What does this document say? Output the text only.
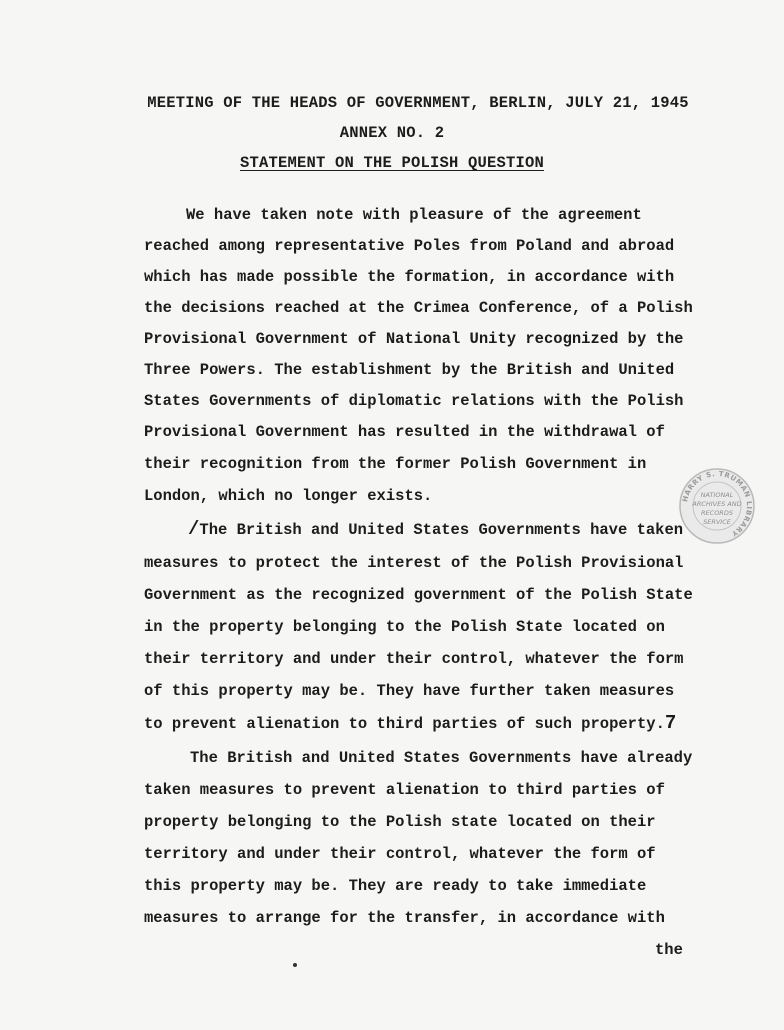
MEETING OF THE HEADS OF GOVERNMENT, BERLIN, JULY 21, 1945
ANNEX NO. 2
STATEMENT ON THE POLISH QUESTION
We have taken note with pleasure of the agreement
reached among representative Poles from Poland and abroad
which has made possible the formation, in accordance with
the decisions reached at the Crimea Conference, of a Polish
Provisional Government of National Unity recognized by the
Three Powers. The establishment by the British and United
States Governments of diplomatic relations with the Polish
Provisional Government has resulted in the withdrawal of
their recognition from the former Polish Government in
London, which no longer exists.
/The British and United States Governments have taken
measures to protect the interest of the Polish Provisional
Government as the recognized government of the Polish State
in the property belonging to the Polish State located on
their territory and under their control, whatever the form
of this property may be. They have further taken measures
to prevent alienation to third parties of such property.7
The British and United States Governments have already
taken measures to prevent alienation to third parties of
property belonging to the Polish state located on their
territory and under their control, whatever the form of
this property may be. They are ready to take immediate
measures to arrange for the transfer, in accordance with
the
HARRY S. TRUMAN LIBRARY
NATIONAL
ARCHIVES AND
RECORDS
SERVICE
